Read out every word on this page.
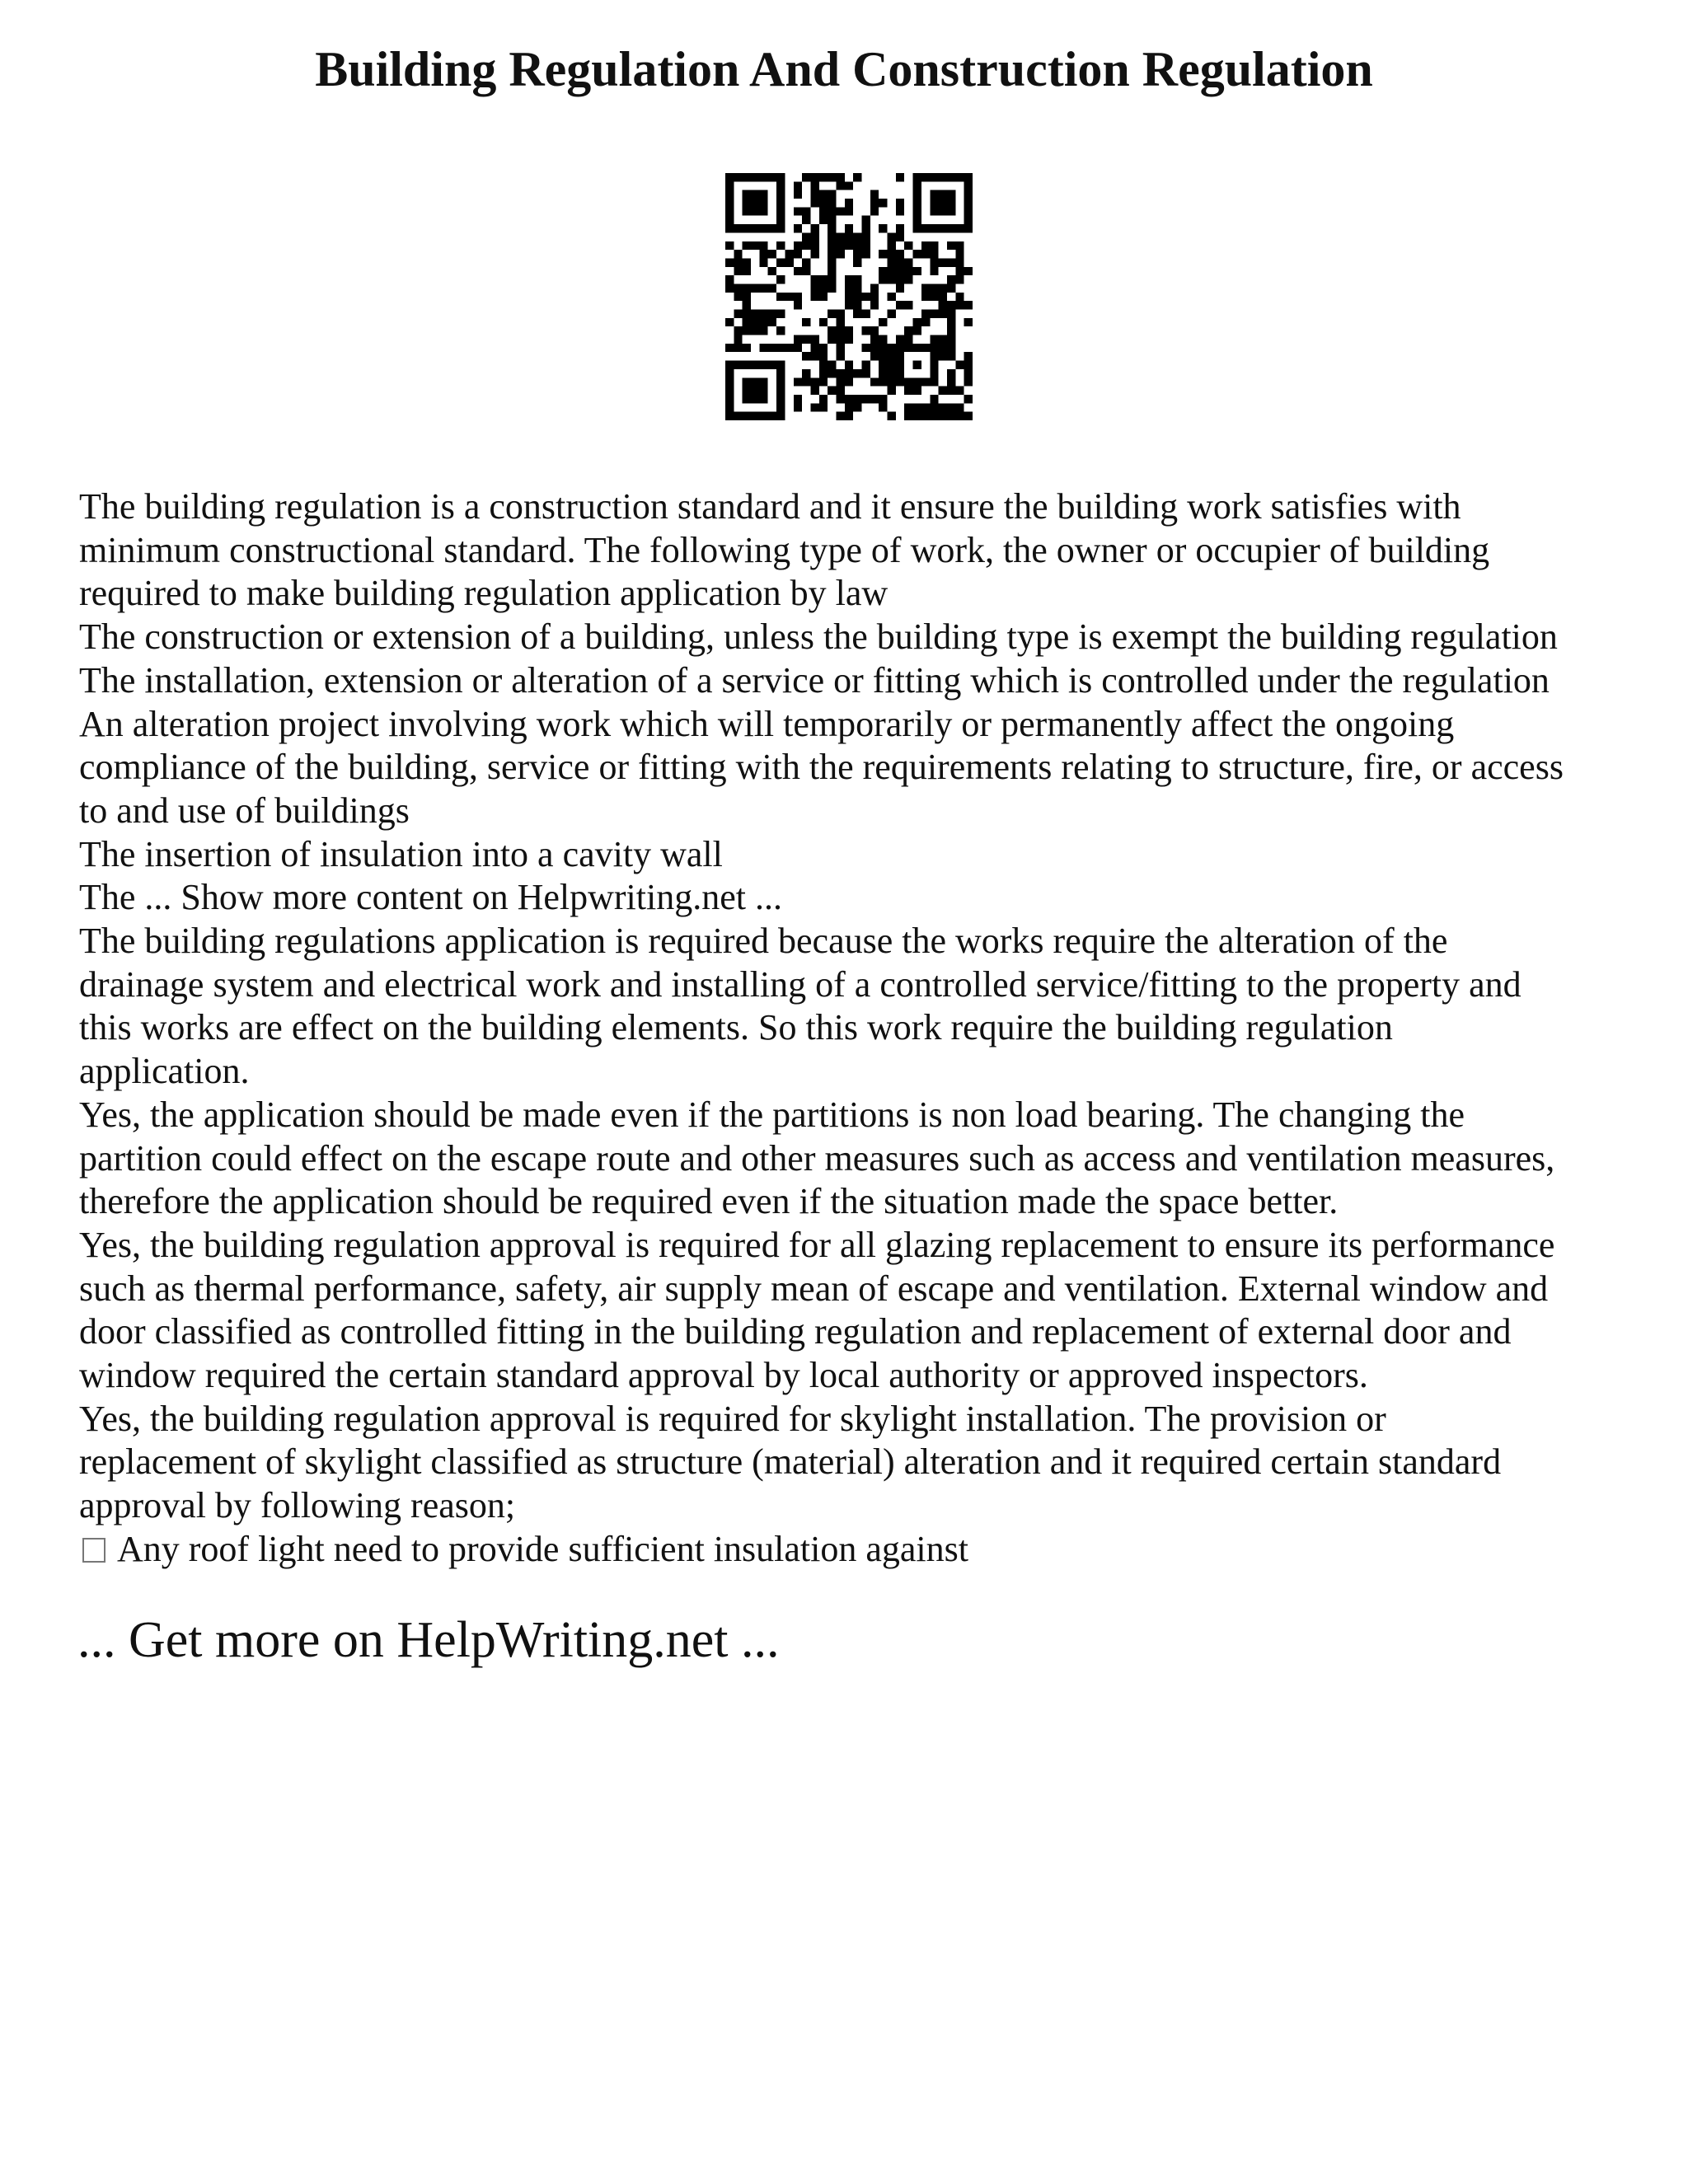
Building Regulation And Construction Regulation
The building regulation is a construction standard and it ensure the building work satisfies with
minimum constructional standard. The following type of work, the owner or occupier of building
required to make building regulation application by law
The construction or extension of a building, unless the building type is exempt the building regulation
The installation, extension or alteration of a service or fitting which is controlled under the regulation
An alteration project involving work which will temporarily or permanently affect the ongoing
compliance of the building, service or fitting with the requirements relating to structure, fire, or access
to and use of buildings
The insertion of insulation into a cavity wall
The ... Show more content on Helpwriting.net ...
The building regulations application is required because the works require the alteration of the
drainage system and electrical work and installing of a controlled service/fitting to the property and
this works are effect on the building elements. So this work require the building regulation
application.
Yes, the application should be made even if the partitions is non load bearing. The changing the
partition could effect on the escape route and other measures such as access and ventilation measures,
therefore the application should be required even if the situation made the space better.
Yes, the building regulation approval is required for all glazing replacement to ensure its performance
such as thermal performance, safety, air supply mean of escape and ventilation. External window and
door classified as controlled fitting in the building regulation and replacement of external door and
window required the certain standard approval by local authority or approved inspectors.
Yes, the building regulation approval is required for skylight installation. The provision or
replacement of skylight classified as structure (material) alteration and it required certain standard
approval by following reason;
Any roof light need to provide sufficient insulation against
... Get more on HelpWriting.net ...
